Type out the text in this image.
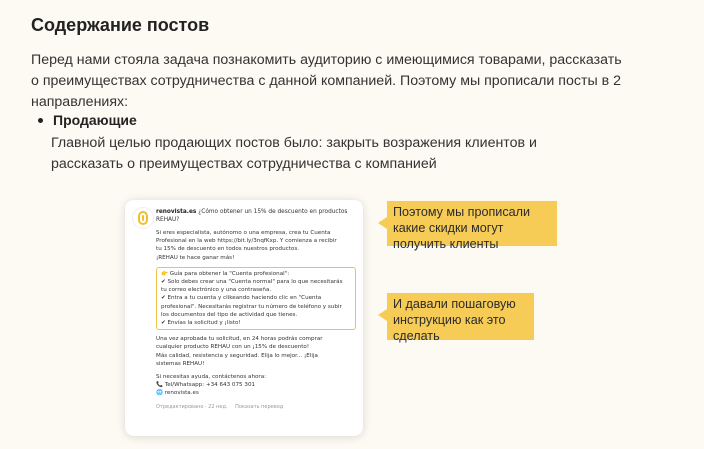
Содержание постов

Перед нами стояла задача познакомить аудиторию с имеющимися товарами, рассказать о преимуществах сотрудничества с данной компанией. Поэтому мы прописали посты в 2 направлениях:

Продающие

Главной целью продающих постов было: закрыть возражения клиентов и рассказать о преимуществах сотрудничества с компанией

renovista.es ¿Cómo obtener un 15% de descuento en productos REHAU?
Si eres especialista, autónomo o una empresa, crea tu Cuenta
Profesional en la web https://bit.ly/3nqfKxp. Y comienza a recibir
tu 15% de descuento en todos nuestros productos.
¡REHAU te hace ganar más!
👉 Guía para obtener la "Cuenta profesional":
✔ Solo debes crear una "Cuenta normal" para lo que necesitarás
tu correo electrónico y una contraseña.
✔ Entra a tu cuenta y clikeando haciendo clic en "Cuenta
profesional". Necesitarás registrar tu número de teléfono y subir
los documentos del tipo de actividad que tienes.
✔ Envías la solicitud y ¡listo!
Una vez aprobada tu solicitud, en 24 horas podrás comprar
cualquier producto REHAU con un ¡15% de descuento!
Más calidad, resistencia y seguridad. Elija lo mejor... ¡Elija
sistemas REHAU!
Si necesitas ayuda, contáctenos ahora:
📞 Tel/Whatsapp: +34 643 075 301
🌐 renovista.es
Отредактировано · 22 нед. Показать перевод
Поэтому мы прописали
какие скидки могут
получить клиенты
И давали пошаговую
инструкцию как это
сделать
